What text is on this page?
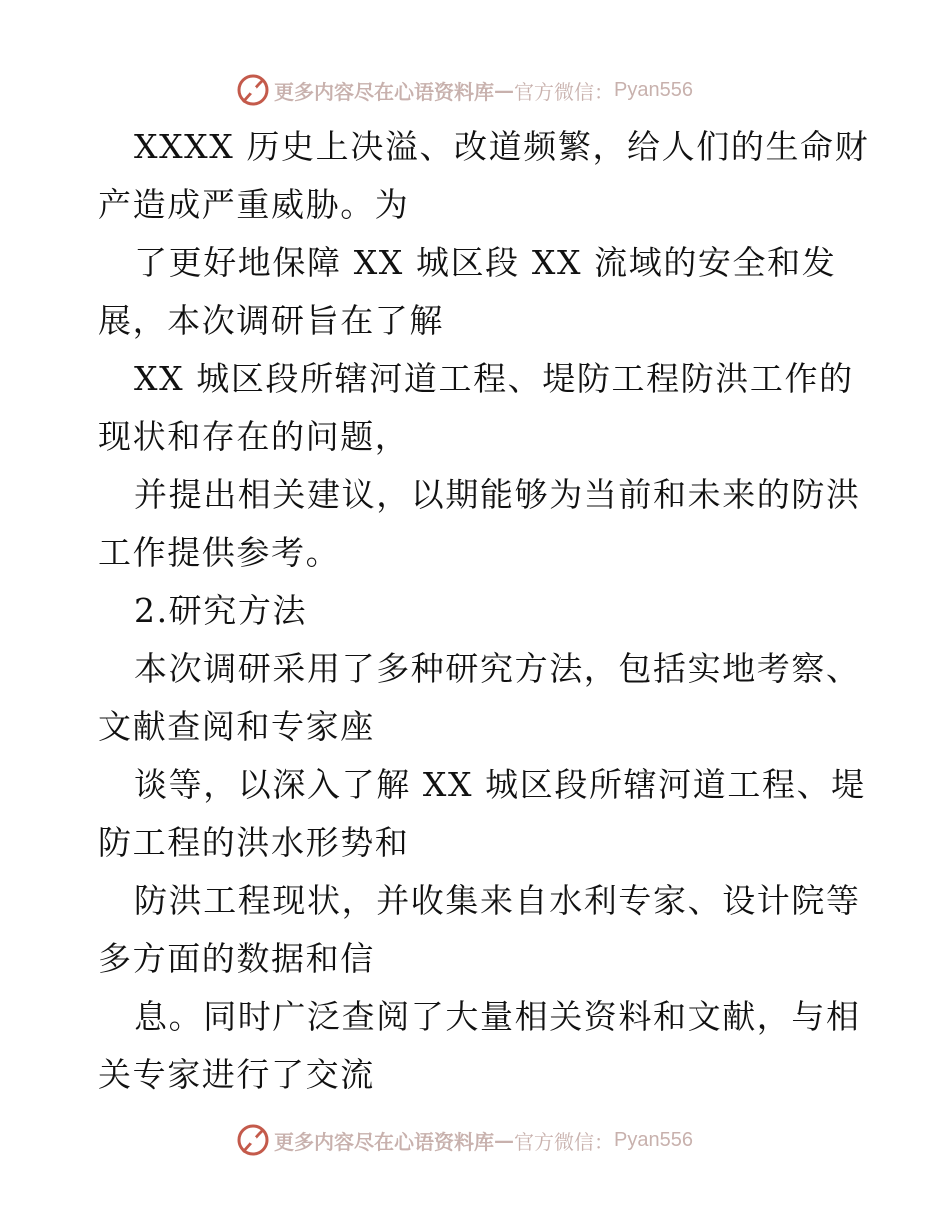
更多内容尽在心语资料库 — 官方微信： Pyan556
XXXX 历史上决溢、改道频繁，给人们的生命财
产造成严重威胁。为
了更好地保障 XX 城区段 XX 流域的安全和发
展，本次调研旨在了解
XX 城区段所辖河道工程、堤防工程防洪工作的
现状和存在的问题，
并提出相关建议，以期能够为当前和未来的防洪
工作提供参考。
2.研究方法
本次调研采用了多种研究方法，包括实地考察、
文献查阅和专家座
谈等，以深入了解 XX 城区段所辖河道工程、堤
防工程的洪水形势和
防洪工程现状，并收集来自水利专家、设计院等
多方面的数据和信
息。同时广泛查阅了大量相关资料和文献，与相
关专家进行了交流
更多内容尽在心语资料库 — 官方微信： Pyan556
